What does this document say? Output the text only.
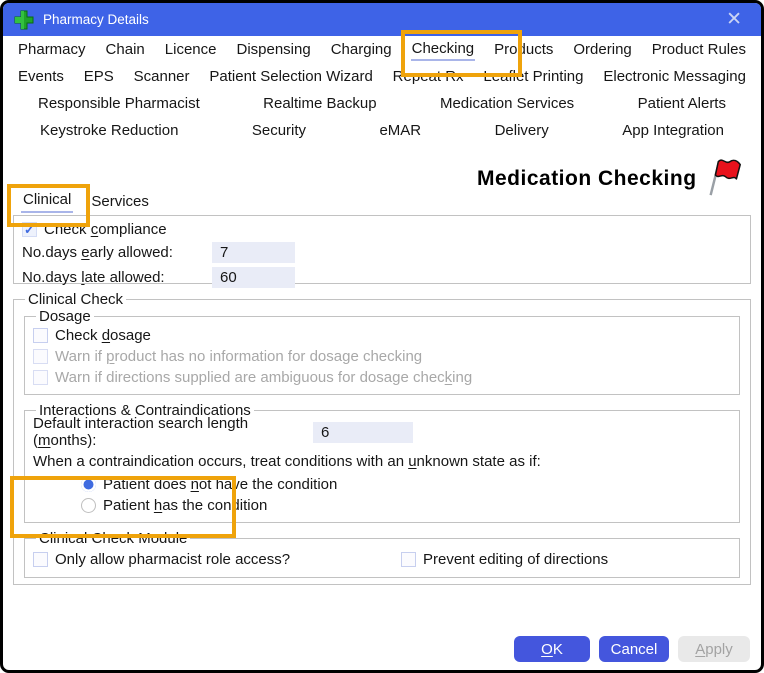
Pharmacy Details	✕
Pharmacy Chain Licence Dispensing Charging Checking Products Ordering Product Rules
Events EPS Scanner Patient Selection Wizard Repeat Rx Leaflet Printing Electronic Messaging
Responsible Pharmacist	Realtime Backup	Medication Services	Patient Alerts
Keystroke Reduction	Security	eMAR	Delivery	App Integration
Medication Checking
Clinical Services
✓ Check compliance
No.days early allowed:	7
No.days late allowed:	60
Clinical Check
Dosage
Check dosage
Warn if product has no information for dosage checking
Warn if directions supplied are ambiguous for dosage checking
Interactions & Contraindications
Default interaction search length (months):	6
When a contraindication occurs, treat conditions with an unknown state as if:
Patient does not have the condition
Patient has the condition
Clinical Check Module
Only allow pharmacist role access?	Prevent editing of directions
O K	Cancel	A pply
